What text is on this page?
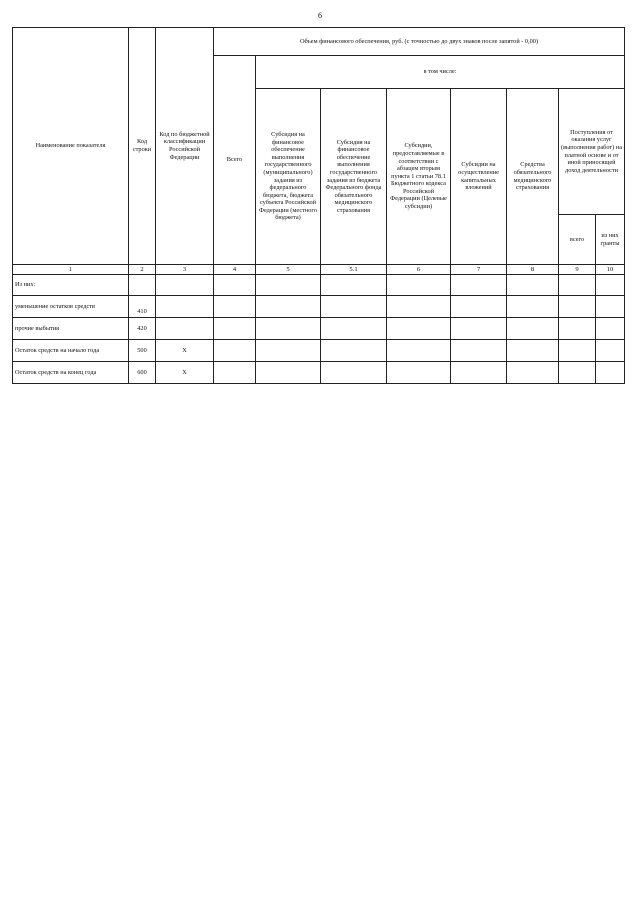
6
Наименование показателя	Код строки	Код по бюджетной классификации Российской Федерации	Объем финансового обеспечения, руб. (с точностью до двух знаков после запятой - 0,00)							
			Всего	в том числе:						
				Субсидия на финансовое обеспечение выполнения государственного (муниципального) задания из федерального бюджета, бюджета субъекта Российской Федерации (местного бюджета)	Субсидия на финансовое обеспечение выполнения государственного задания из бюджета Федерального фонда обязательного медицинского страхования	Субсидии, предоставляемые в соответствии с абзацем вторым пункта 1 статьи 78.1 Бюджетного кодекса Российской Федерации (Целевые субсидии)	Субсидии на осуществление капитальных вложений	Средства обязательного медицинского страхования	Поступления от оказания услуг (выполнения работ) на платной основе и от иной приносящей доход деятельности	
									всего	из них гранты
1	2	3	4	5	5.1	6	7	8	9	10
Из них:										
уменьшение остатков средств	410									
прочие выбытия	420									
Остаток средств на начало года	500	X								
Остаток средств на конец года	600	X								
